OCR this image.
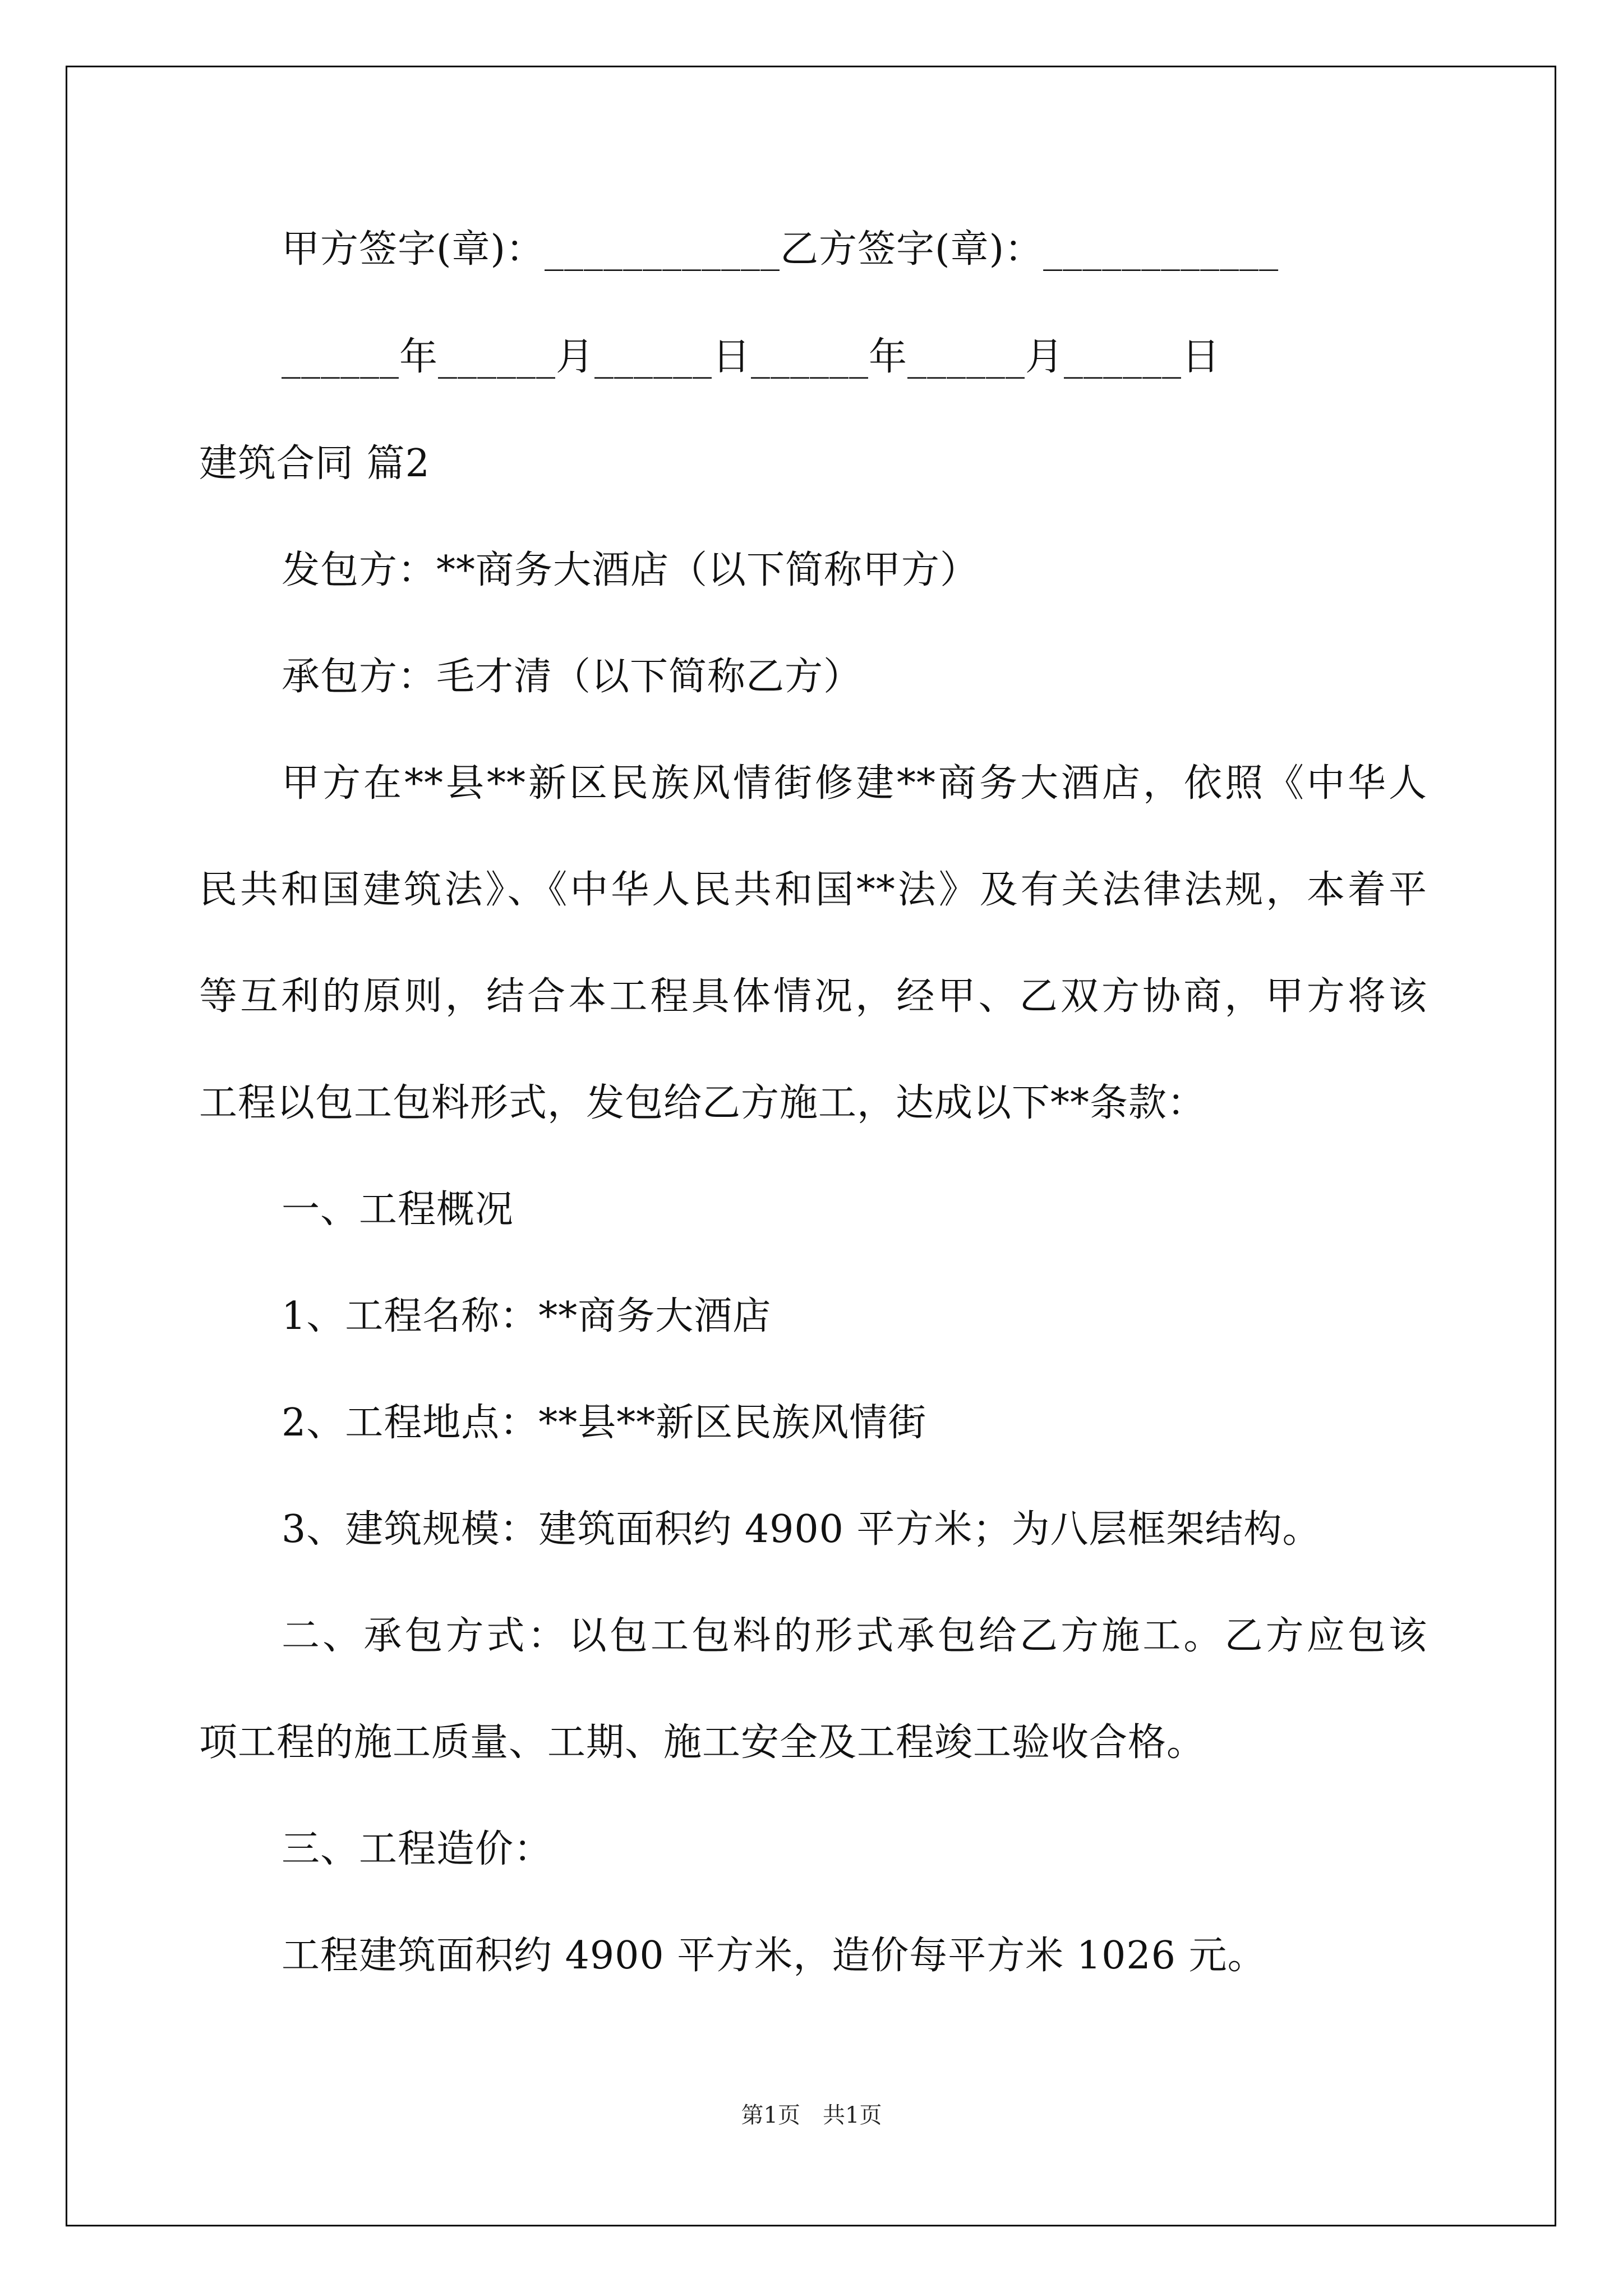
甲方签字(章)：____________乙方签字(章)：____________
______年______月______日______年______月______日
建筑合同 篇2
发包方：**商务大酒店（以下简称甲方）
承包方：毛才清（以下简称乙方）
甲方在**县**新区民族风情街修建**商务大酒店，依照《中华人
民共和国建筑法》、《中华人民共和国**法》及有关法律法规，本着平
等互利的原则，结合本工程具体情况，经甲、乙双方协商，甲方将该
工程以包工包料形式，发包给乙方施工，达成以下**条款：
一、工程概况
1、工程名称：**商务大酒店
2、工程地点：**县**新区民族风情街
3、建筑规模：建筑面积约 4900 平方米；为八层框架结构。
二、承包方式：以包工包料的形式承包给乙方施工。乙方应包该
项工程的施工质量、工期、施工安全及工程竣工验收合格。
三、工程造价：
工程建筑面积约 4900 平方米，造价每平方米 1026 元。
第1页　共1页
